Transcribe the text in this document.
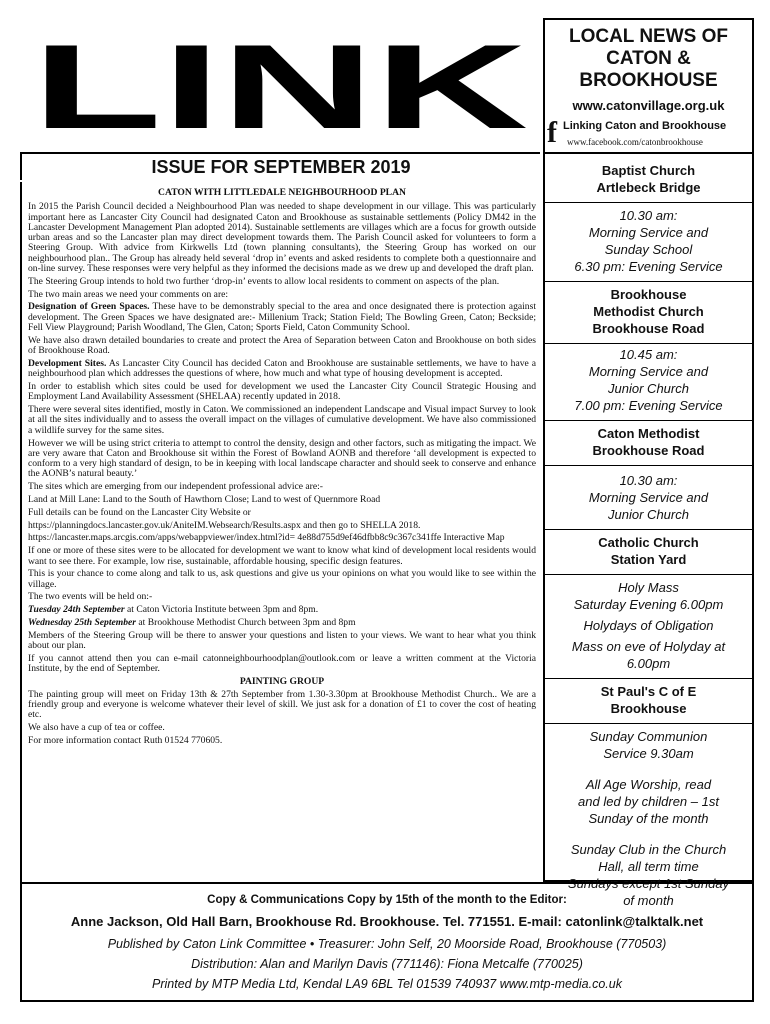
LINK	LOCAL NEWS OF
CATON &
BROOKHOUSE
www.catonvillage.org.uk
f Linking Caton and Brookhouse
www.facebook.com/catonbrookhouse
ISSUE FOR SEPTEMBER 2019

CATON WITH LITTLEDALE NEIGHBOURHOOD PLAN

In 2015 the Parish Council decided a Neighbourhood Plan was needed to shape development in our village. This was particularly important here as Lancaster City Council had designated Caton and Brookhouse as sustainable settlements (Policy DM42 in the Lancaster Development Management Plan adopted 2014). Sustainable settlements are villages which are a focus for growth outside urban areas and so the Lancaster plan may direct development towards them. The Parish Council asked for volunteers to form a Steering Group. With advice from Kirkwells Ltd (town planning consultants), the Steering Group has worked on our neighbourhood plan.. The Group has already held several ‘drop in’ events and asked residents to complete both a questionnaire and on-line survey. These responses were very helpful as they informed the decisions made as we drew up and developed the draft plan.

The Steering Group intends to hold two further ‘drop-in’ events to allow local residents to comment on aspects of the plan.

The two main areas we need your comments on are:

Designation of Green Spaces. These have to be demonstrably special to the area and once designated there is protection against development. The Green Spaces we have designated are:- Millenium Track; Station Field; The Bowling Green, Caton; Beckside; Fell View Playground; Parish Woodland, The Glen, Caton; Sports Field, Caton Community School.

We have also drawn detailed boundaries to create and protect the Area of Separation between Caton and Brookhouse on both sides of Brookhouse Road.

Development Sites. As Lancaster City Council has decided Caton and Brookhouse are sustainable settlements, we have to have a neighbourhood plan which addresses the questions of where, how much and what type of housing development is accepted.

In order to establish which sites could be used for development we used the Lancaster City Council Strategic Housing and Employment Land Availability Assessment (SHELAA) recently updated in 2018.

There were several sites identified, mostly in Caton. We commissioned an independent Landscape and Visual impact Survey to look at all the sites individually and to assess the overall impact on the villages of cumulative development. We have also commissioned a wildlife survey for the same sites.

However we will be using strict criteria to attempt to control the density, design and other factors, such as mitigating the impact. We are very aware that Caton and Brookhouse sit within the Forest of Bowland AONB and therefore ‘all development is expected to conform to a very high standard of design, to be in keeping with local landscape character and should seek to conserve and enhance the AONB’s natural beauty.’

The sites which are emerging from our independent professional advice are:-

Land at Mill Lane: Land to the South of Hawthorn Close; Land to west of Quernmore Road

Full details can be found on the Lancaster City Website or

https://planningdocs.lancaster.gov.uk/AniteIM.Websearch/Results.aspx and then go to SHELLA 2018.

https://lancaster.maps.arcgis.com/apps/webappviewer/index.html?id= 4e88d755d9ef46dfbb8c9c367c341ffe Interactive Map

If one or more of these sites were to be allocated for development we want to know what kind of development local residents would want to see there. For example, low rise, sustainable, affordable housing, specific design features.

This is your chance to come along and talk to us, ask questions and give us your opinions on what you would like to see within the village.

The two events will be held on:-

Tuesday 24th September at Caton Victoria Institute between 3pm and 8pm.

Wednesday 25th September at Brookhouse Methodist Church between 3pm and 8pm

Members of the Steering Group will be there to answer your questions and listen to your views. We want to hear what you think about our plan.

If you cannot attend then you can e-mail catonneighbourhoodplan@outlook.com or leave a written comment at the Victoria Institute, by the end of September.

PAINTING GROUP

The painting group will meet on Friday 13th & 27th September from 1.30-3.30pm at Brookhouse Methodist Church.. We are a friendly group and everyone is welcome whatever their level of skill. We just ask for a donation of £1 to cover the cost of heating etc.

We also have a cup of tea or coffee.

For more information contact Ruth 01524 770605.

Baptist Church
Artlebeck Bridge
10.30 am:
Morning Service and
Sunday School
6.30 pm: Evening Service
Brookhouse
Methodist Church
Brookhouse Road
10.45 am:
Morning Service and
Junior Church
7.00 pm: Evening Service
Caton Methodist
Brookhouse Road
10.30 am:
Morning Service and
Junior Church
Catholic Church
Station Yard
Holy Mass
Saturday Evening 6.00pm
Holydays of Obligation
Mass on eve of Holyday at
6.00pm
St Paul's C of E
Brookhouse
Sunday Communion
Service 9.30am
All Age Worship, read
and led by children – 1st
Sunday of the month
Sunday Club in the Church
Hall, all term time
Sundays except 1st Sunday
of month
Copy & Communications Copy by 15th of the month to the Editor:
Anne Jackson, Old Hall Barn, Brookhouse Rd. Brookhouse. Tel. 771551. E-mail: catonlink@talktalk.net
Published by Caton Link Committee • Treasurer: John Self, 20 Moorside Road, Brookhouse (770503)
Distribution: Alan and Marilyn Davis (771146): Fiona Metcalfe (770025)
Printed by MTP Media Ltd, Kendal LA9 6BL Tel 01539 740937 www.mtp-media.co.uk
